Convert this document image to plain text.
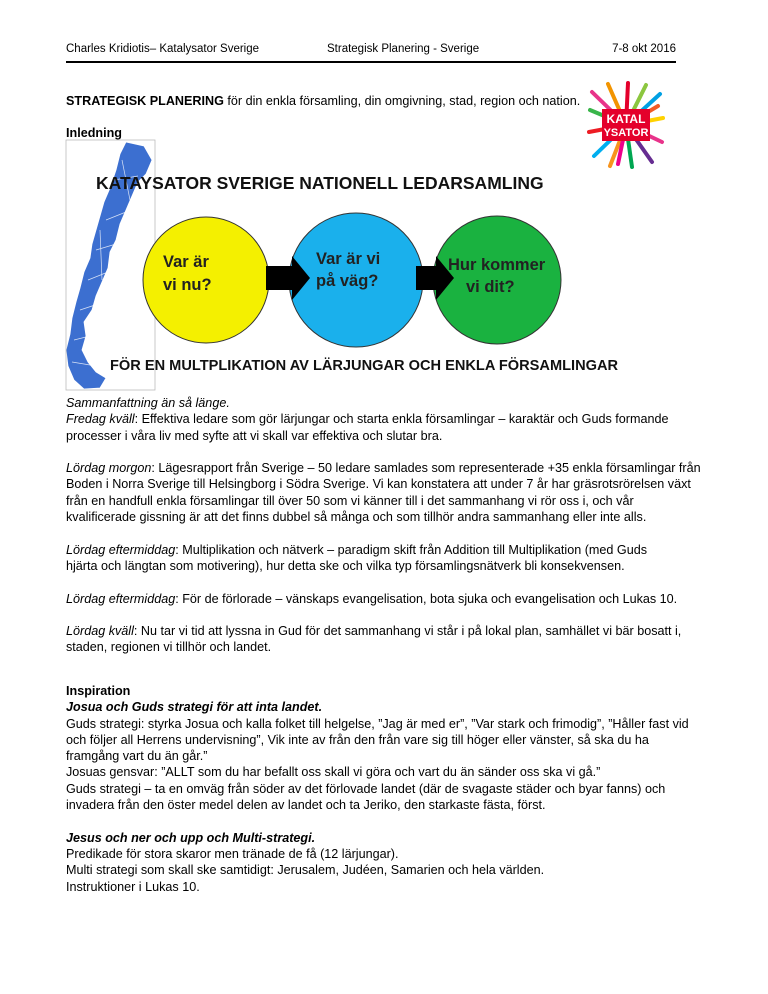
Charles Kridiotis– Katalysator Sverige	Strategisk Planering - Sverige	7-8 okt 2016
STRATEGISK PLANERING för din enkla församling, din omgivning, stad, region och nation.
Inledning
KATAL
YSATOR
KATAYSATOR SVERIGE NATIONELL LEDARSAMLING
Var är
vi nu?
Var är vi
på väg?
Hur kommer
vi dit?
FÖR EN MULTPLIKATION AV LÄRJUNGAR OCH ENKLA FÖRSAMLINGAR

Sammanfattning än så länge.

Fredag kväll: Effektiva ledare som gör lärjungar och starta enkla församlingar – karaktär och Guds formande
processer i våra liv med syfte att vi skall var effektiva och slutar bra.

Lördag morgon: Lägesrapport från Sverige – 50 ledare samlades som representerade +35 enkla församlingar från
Boden i Norra Sverige till Helsingborg i Södra Sverige. Vi kan konstatera att under 7 år har gräsrotsrörelsen växt
från en handfull enkla församlingar till över 50 som vi känner till i det sammanhang vi rör oss i, och vår
kvalificerade gissning är att det finns dubbel så många och som tillhör andra sammanhang eller inte alls.

Lördag eftermiddag: Multiplikation och nätverk – paradigm skift från Addition till Multiplikation (med Guds
hjärta och längtan som motivering), hur detta ske och vilka typ församlingsnätverk bli konsekvensen.

Lördag eftermiddag: För de förlorade – vänskaps evangelisation, bota sjuka och evangelisation och Lukas 10.

Lördag kväll: Nu tar vi tid att lyssna in Gud för det sammanhang vi står i på lokal plan, samhället vi bär bosatt i,
staden, regionen vi tillhör och landet.

Inspiration

Josua och Guds strategi för att inta landet.

Guds strategi: styrka Josua och kalla folket till helgelse, ”Jag är med er”, ”Var stark och frimodig”, ”Håller fast vid
och följer all Herrens undervisning”, Vik inte av från den från vare sig till höger eller vänster, så ska du ha
framgång vart du än går.”
Josuas gensvar: ”ALLT som du har befallt oss skall vi göra och vart du än sänder oss ska vi gå.”
Guds strategi – ta en omväg från söder av det förlovade landet (där de svagaste städer och byar fanns) och
invadera från den öster medel delen av landet och ta Jeriko, den starkaste fästa, först.

Jesus och ner och upp och Multi-strategi.

Predikade för stora skaror men tränade de få (12 lärjungar).
Multi strategi som skall ske samtidigt: Jerusalem, Judéen, Samarien och hela världen.
Instruktioner i Lukas 10.
